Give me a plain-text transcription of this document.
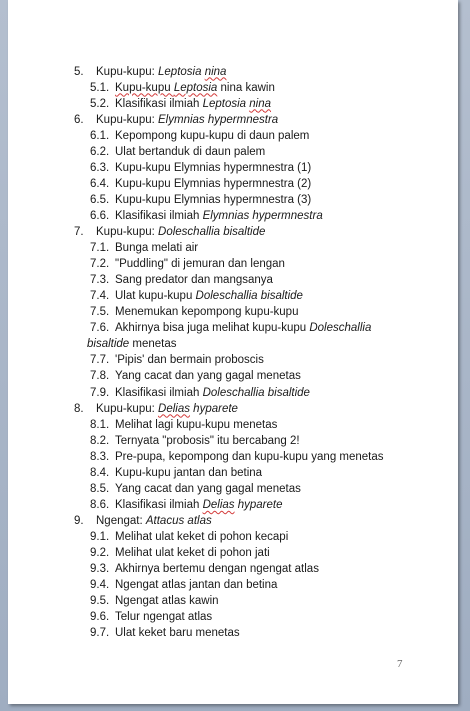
5. Kupu-kupu: Leptosia nina
5.1. Kupu-kupu Leptosia nina kawin
5.2. Klasifikasi ilmiah Leptosia nina
6. Kupu-kupu: Elymnias hypermnestra
6.1. Kepompong kupu-kupu di daun palem
6.2. Ulat bertanduk di daun palem
6.3. Kupu-kupu Elymnias hypermnestra (1)
6.4. Kupu-kupu Elymnias hypermnestra (2)
6.5. Kupu-kupu Elymnias hypermnestra (3)
6.6. Klasifikasi ilmiah Elymnias hypermnestra
7. Kupu-kupu: Doleschallia bisaltide
7.1. Bunga melati air
7.2. "Puddling" di jemuran dan lengan
7.3. Sang predator dan mangsanya
7.4. Ulat kupu-kupu Doleschallia bisaltide
7.5. Menemukan kepompong kupu-kupu
7.6. Akhirnya bisa juga melihat kupu-kupu Doleschallia
bisaltide menetas
7.7. 'Pipis' dan bermain proboscis
7.8. Yang cacat dan yang gagal menetas
7.9. Klasifikasi ilmiah Doleschallia bisaltide
8. Kupu-kupu: Delias hyparete
8.1. Melihat lagi kupu-kupu menetas
8.2. Ternyata "probosis" itu bercabang 2!
8.3. Pre-pupa, kepompong dan kupu-kupu yang menetas
8.4. Kupu-kupu jantan dan betina
8.5. Yang cacat dan yang gagal menetas
8.6. Klasifikasi ilmiah Delias hyparete
9. Ngengat: Attacus atlas
9.1. Melihat ulat keket di pohon kecapi
9.2. Melihat ulat keket di pohon jati
9.3. Akhirnya bertemu dengan ngengat atlas
9.4. Ngengat atlas jantan dan betina
9.5. Ngengat atlas kawin
9.6. Telur ngengat atlas
9.7. Ulat keket baru menetas
7
